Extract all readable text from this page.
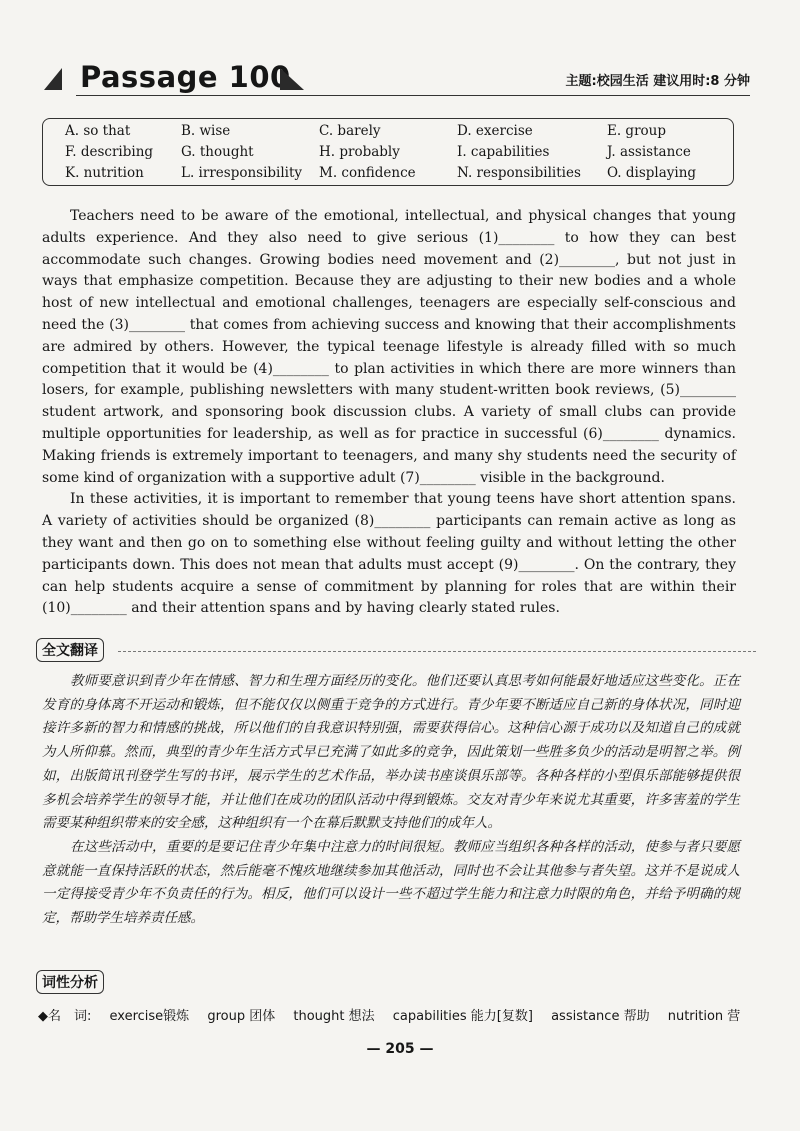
Passage 100	主题:校园生活 建议用时:8 分钟
A. so that	B. wise	C. barely	D. exercise	E. group
F. describing G. thought	H. probably	I. capabilities	J. assistance
K. nutrition	L. irresponsibility M. confidence	N. responsibilities O. displaying

Teachers need to be aware of the emotional, intellectual, and physical changes that young adults experience. And they also need to give serious (1)________ to how they can best accommodate such changes. Growing bodies need movement and (2)________, but not just in ways that emphasize competition. Because they are adjusting to their new bodies and a whole host of new intellectual and emotional challenges, teenagers are especially self-conscious and need the (3)________ that comes from achieving success and knowing that their accomplishments are admired by others. However, the typical teenage lifestyle is already filled with so much competition that it would be (4)________ to plan activities in which there are more winners than losers, for example, publishing newsletters with many student-written book reviews, (5)________ student artwork, and sponsoring book discussion clubs. A variety of small clubs can provide multiple opportunities for leadership, as well as for practice in successful (6)________ dynamics. Making friends is extremely important to teenagers, and many shy students need the security of some kind of organization with a supportive adult (7)________ visible in the background.

In these activities, it is important to remember that young teens have short attention spans. A variety of activities should be organized (8)________ participants can remain active as long as they want and then go on to something else without feeling guilty and without letting the other participants down. This does not mean that adults must accept (9)________. On the contrary, they can help students acquire a sense of commitment by planning for roles that are within their (10)________ and their attention spans and by having clearly stated rules.

全文翻译

教师要意识到青少年在情感、智力和生理方面经历的变化。他们还要认真思考如何能最好地适应这些变化。正在发育的身体离不开运动和锻炼，但不能仅仅以侧重于竞争的方式进行。青少年要不断适应自己新的身体状况，同时迎接许多新的智力和情感的挑战，所以他们的自我意识特别强，需要获得信心。这种信心源于成功以及知道自己的成就为人所仰慕。然而，典型的青少年生活方式早已充满了如此多的竞争，因此策划一些胜多负少的活动是明智之举。例如，出版简讯刊登学生写的书评，展示学生的艺术作品，举办读书座谈俱乐部等。各种各样的小型俱乐部能够提供很多机会培养学生的领导才能，并让他们在成功的团队活动中得到锻炼。交友对青少年来说尤其重要，许多害羞的学生需要某种组织带来的安全感，这种组织有一个在幕后默默支持他们的成年人。

在这些活动中，重要的是要记住青少年集中注意力的时间很短。教师应当组织各种各样的活动，使参与者只要愿意就能一直保持活跃的状态，然后能毫不愧疚地继续参加其他活动，同时也不会让其他参与者失望。这并不是说成人一定得接受青少年不负责任的行为。相反，他们可以设计一些不超过学生能力和注意力时限的角色，并给予明确的规定，帮助学生培养责任感。

词性分析
◆名　词: exercise锻炼 group 团体 thought 想法 capabilities 能力[复数] assistance 帮助 nutrition 营
— 205 —
